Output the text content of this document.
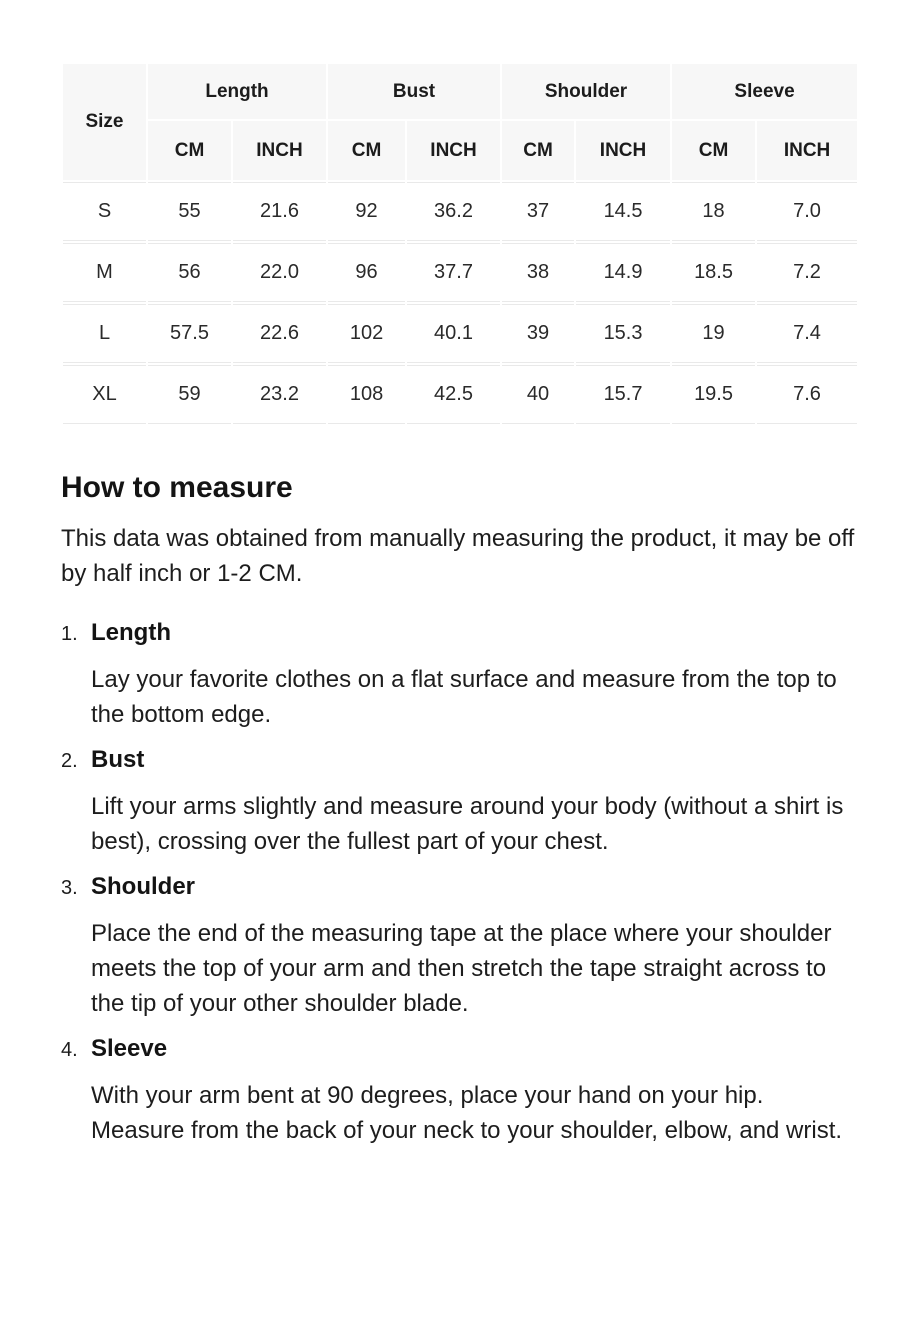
Size	Length		Bust		Shoulder		Sleeve	
	CM	INCH	CM	INCH	CM	INCH	CM	INCH
S	55	21.6	92	36.2	37	14.5	18	7.0
M	56	22.0	96	37.7	38	14.9	18.5	7.2
L	57.5	22.6	102	40.1	39	15.3	19	7.4
XL	59	23.2	108	42.5	40	15.7	19.5	7.6
How to measure

This data was obtained from manually measuring the product, it may be off by half inch or 1-2 CM.

1. Length

Lay your favorite clothes on a flat surface and measure from the top to the bottom edge.

2. Bust

Lift your arms slightly and measure around your body (without a shirt is best), crossing over the fullest part of your chest.

3. Shoulder

Place the end of the measuring tape at the place where your shoulder meets the top of your arm and then stretch the tape straight across to the tip of your other shoulder blade.

4. Sleeve

With your arm bent at 90 degrees, place your hand on your hip. Measure from the back of your neck to your shoulder, elbow, and wrist.
